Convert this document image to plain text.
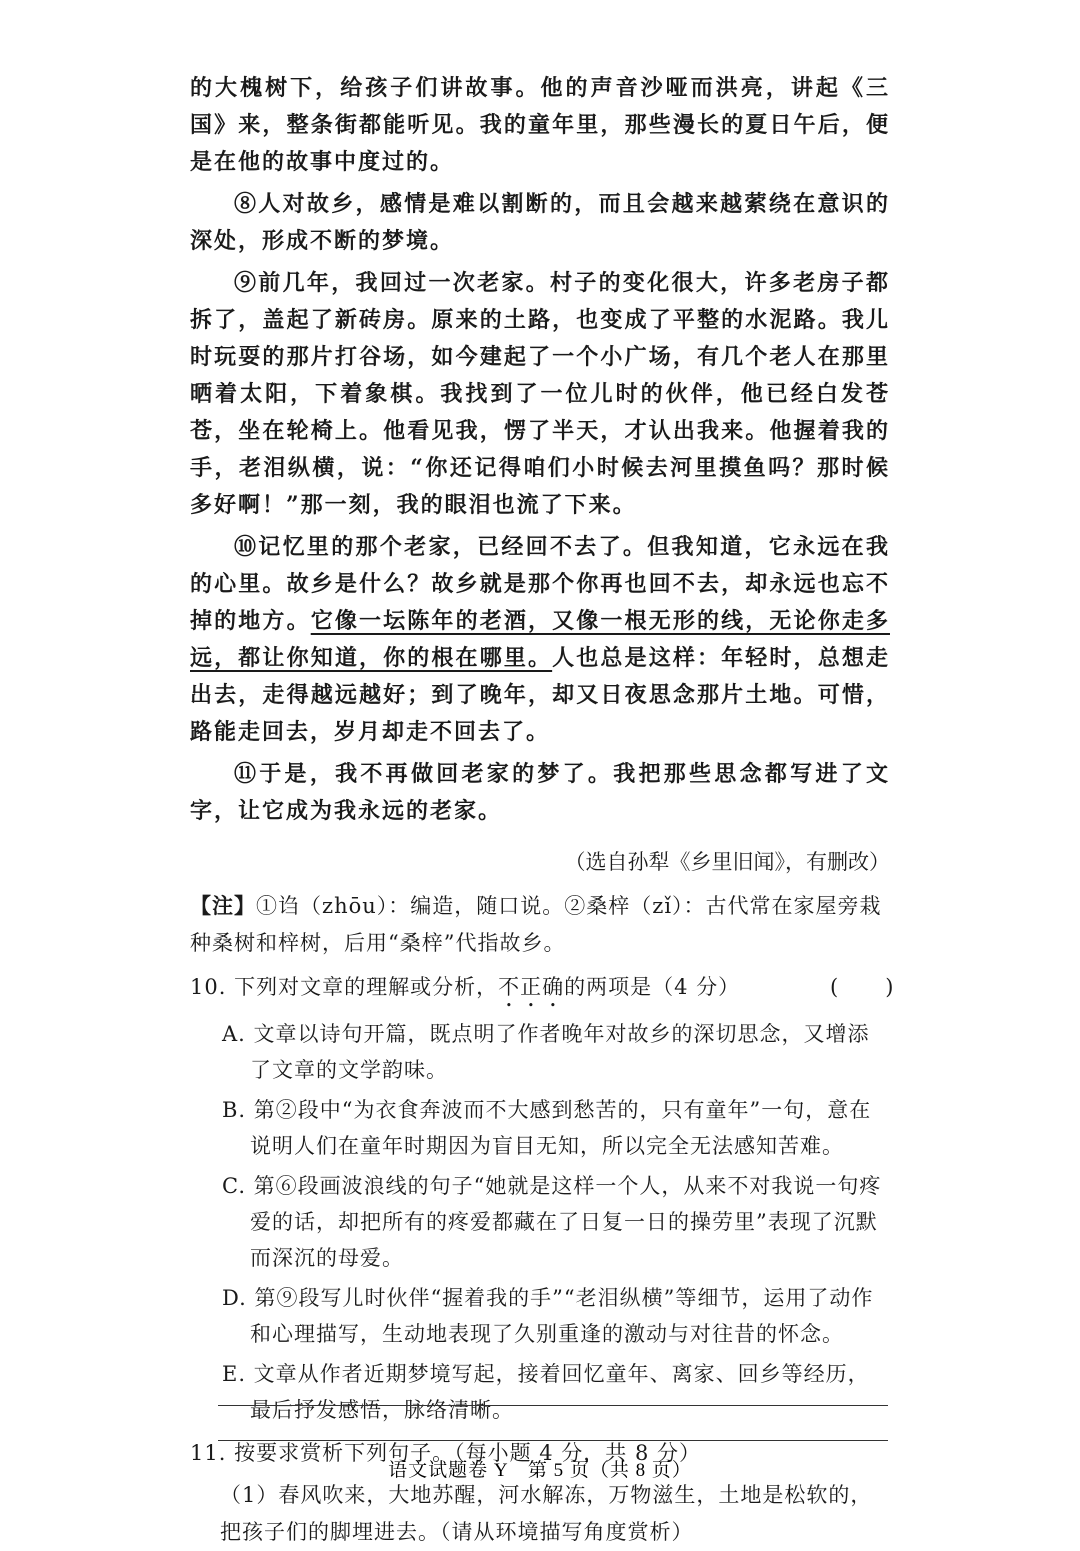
的大槐树下，给孩子们讲故事。他的声音沙哑而洪亮，讲起《三国》来，整条街都能听见。我的童年里，那些漫长的夏日午后，便是在他的故事中度过的。

⑧人对故乡，感情是难以割断的，而且会越来越萦绕在意识的深处，形成不断的梦境。

⑨前几年，我回过一次老家。村子的变化很大，许多老房子都拆了，盖起了新砖房。原来的土路，也变成了平整的水泥路。我儿时玩耍的那片打谷场，如今建起了一个小广场，有几个老人在那里晒着太阳，下着象棋。我找到了一位儿时的伙伴，他已经白发苍苍，坐在轮椅上。他看见我，愣了半天，才认出我来。他握着我的手，老泪纵横，说：“你还记得咱们小时候去河里摸鱼吗？那时候多好啊！”那一刻，我的眼泪也流了下来。

⑩记忆里的那个老家，已经回不去了。但我知道，它永远在我的心里。故乡是什么？故乡就是那个你再也回不去，却永远也忘不掉的地方。它像一坛陈年的老酒，又像一根无形的线，无论你走多远，都让你知道，你的根在哪里。人也总是这样：年轻时，总想走出去，走得越远越好；到了晚年，却又日夜思念那片土地。可惜，路能走回去，岁月却走不回去了。

⑪于是，我不再做回老家的梦了。我把那些思念都写进了文字，让它成为我永远的老家。

（选自孙犁《乡里旧闻》，有删改）

【注】①诌（zhōu）：编造，随口说。②桑梓（zǐ）：古代常在家屋旁栽种桑树和梓树，后用“桑梓”代指故乡。

10. 下列对文章的理解或分析，不正确的两项是（4 分）	(      )
A. 文章以诗句开篇，既点明了作者晚年对故乡的深切思念，又增添了文章的文学韵味。
B. 第②段中“为衣食奔波而不大感到愁苦的，只有童年”一句，意在说明人们在童年时期因为盲目无知，所以完全无法感知苦难。
C. 第⑥段画波浪线的句子“她就是这样一个人，从来不对我说一句疼爱的话，却把所有的疼爱都藏在了日复一日的操劳里”表现了沉默而深沉的母爱。
D. 第⑨段写儿时伙伴“握着我的手”“老泪纵横”等细节，运用了动作和心理描写，生动地表现了久别重逢的激动与对往昔的怀念。
E. 文章从作者近期梦境写起，接着回忆童年、离家、回乡等经历，最后抒发感悟，脉络清晰。
11. 按要求赏析下列句子。（每小题 4 分，共 8 分）
（1）春风吹来，大地苏醒，河水解冻，万物滋生，土地是松软的，把孩子们的脚埋进去。（请从环境描写角度赏析）
语文试题卷 Y　第 5 页（共 8 页）
